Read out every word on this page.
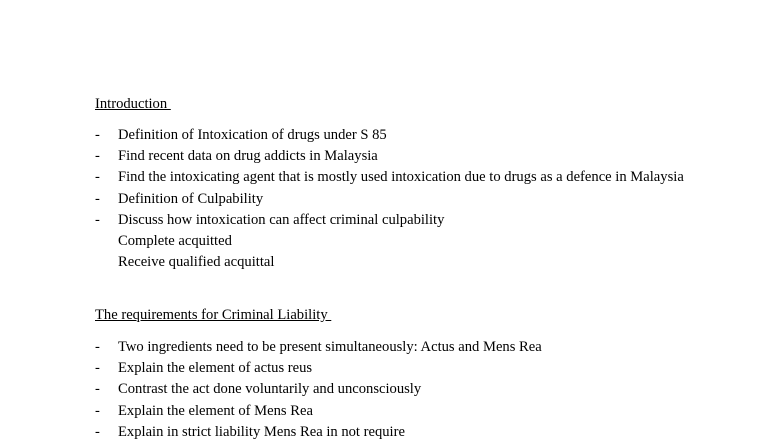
Introduction
- Definition of Intoxication of drugs under S 85
- Find recent data on drug addicts in Malaysia
- Find the intoxicating agent that is mostly used intoxication due to drugs as a defence in Malaysia
- Definition of Culpability
- Discuss how intoxication can affect criminal culpability
Complete acquitted
Receive qualified acquittal
The requirements for Criminal Liability
- Two ingredients need to be present simultaneously: Actus and Mens Rea
- Explain the element of actus reus
- Contrast the act done voluntarily and unconsciously
- Explain the element of Mens Rea
- Explain in strict liability Mens Rea in not require
